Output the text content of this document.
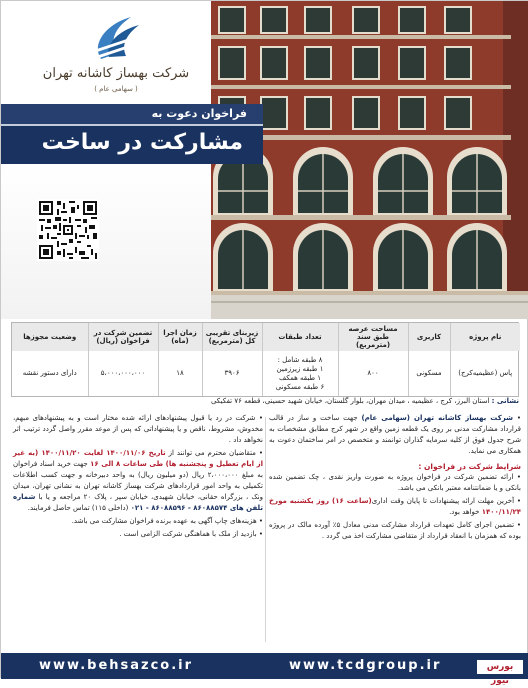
شرکت بهساز کاشانه تهران
( سهامی عام )
فراخوان دعوت به
مشارکت در ساخت
نام پروژه	کاربری	مساحت عرصه طبق سند (مترمربع)	تعداد طبقات	زیربنای تقریبی کل (مترمربع)	زمان اجرا (ماه)	تضمین شرکت در فراخوان (ریال)	وضعیت مجوزها
پاس (عظیمیه‌کرج)	مسکونی	۸۰۰	۸ طبقه شامل :
۱ طبقه زیرزمین
۱ طبقه همکف
۶ طبقه مسکونی	۳۹۰۶	۱۸	۵،۰۰۰،۰۰۰،۰۰۰	دارای دستور نقشه
نشانی : استان البرز، کرج ، عظیمیه ، میدان مهران، بلوار گلستان، خیابان شهید حسینی، قطعه ۷۶ تفکیکی

• شرکت بهساز کاشانه تهران (سهامی عام) جهت ساخت و ساز در قالب قرارداد مشارکت مدنی بر روی یک قطعه زمین واقع در شهر کرج مطابق مشخصات به شرح جدول فوق از کلیه سرمایه گذاران توانمند و متخصص در امر ساختمان دعوت به همکاری می نماید.

شرایط شرکت در فراخوان :

• ارائه تضمین شرکت در فراخوان پروژه به صورت واریز نقدی ، چک تضمین شده بانکی و یا ضمانتنامه معتبر بانکی می باشد.

• آخرین مهلت ارائه پیشنهادات تا پایان وقت اداری(ساعت ۱۶) روز یکشنبه مورخ ۱۴۰۰/۱۱/۲۴ خواهد بود.

• تضمین اجرای کامل تعهدات قرارداد مشارکت مدنی معادل ۵٪ آورده مالک در پروژه بوده که همزمان با انعقاد قرارداد از متقاضی مشارکت اخذ می گردد .

• شرکت در رد یا قبول پیشنهادهای ارائه شده مختار است و به پیشنهادهای مبهم، مخدوش، مشروط، ناقص و یا پیشنهاداتی که پس از موعد مقرر واصل گردد ترتیب اثر نخواهد داد .

• متقاضیان محترم می توانند از تاریخ ۱۴۰۰/۱۱/۰۶ لغایت ۱۴۰۰/۱۱/۲۰ (به غیر از ایام تعطیل و پنجشنبه ها) طی ساعات ۸ الی ۱۶ جهت خرید اسناد فراخوان به مبلغ ۲،۰۰۰،۰۰۰ ریال (دو میلیون ریال) به واحد دبیرخانه و جهت کسب اطلاعات تکمیلی به واحد امور قراردادهای شرکت بهساز کاشانه تهران به نشانی تهران، میدان ونک ، بزرگراه حقانی، خیابان شهیدی، خیابان سپر ، پلاک ۲۰ مراجعه و یا با شماره تلفن های ۸۶۰۸۸۵۷۴ - ۸۶۰۸۸۵۹۶ - ۰۲۱ (داخلی ۱۱۵) تماس حاصل فرمایند.

• هزینه‌های چاپ آگهی به عهده برنده فراخوان مشارکت می باشد.

• بازدید از ملک با هماهنگی شرکت الزامی است .

www.behsazco.ir	www.tcdgroup.ir	بورس نیوز
